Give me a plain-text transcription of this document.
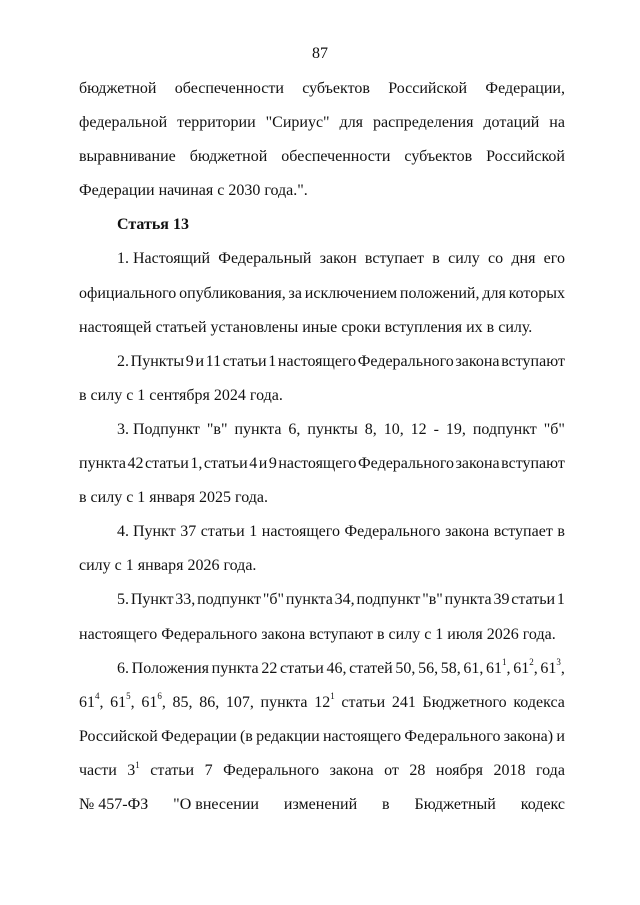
87
бюджетной обеспеченности субъектов Российской Федерации,
федеральной территории "Сириус" для распределения дотаций на
выравнивание бюджетной обеспеченности субъектов Российской
Федерации начиная с 2030 года.".
Статья 13
1. Настоящий Федеральный закон вступает в силу со дня его
официального опубликования, за исключением положений, для которых
настоящей статьей установлены иные сроки вступления их в силу.
2. Пункты 9 и 11 статьи 1 настоящего Федерального закона вступают
в силу с 1 сентября 2024 года.
3. Подпункт "в" пункта 6, пункты 8, 10, 12 - 19, подпункт "б"
пункта 42 статьи 1, статьи 4 и 9 настоящего Федерального закона вступают
в силу с 1 января 2025 года.
4. Пункт 37 статьи 1 настоящего Федерального закона вступает в
силу с 1 января 2026 года.
5. Пункт 33, подпункт "б" пункта 34, подпункт "в" пункта 39 статьи 1
настоящего Федерального закона вступают в силу с 1 июля 2026 года.
6. Положения пункта 22 статьи 46, статей 50, 56, 58, 61, $61^1$, $61^2$, $61^3$,
$61^4$, $61^5$, $61^6$, 85, 86, 107, пункта $12^1$ статьи 241 Бюджетного кодекса
Российской Федерации (в редакции настоящего Федерального закона) и
части $3^1$ статьи 7 Федерального закона от 28 ноября 2018 года
№ 457-ФЗ "О внесении изменений в Бюджетный кодекс
